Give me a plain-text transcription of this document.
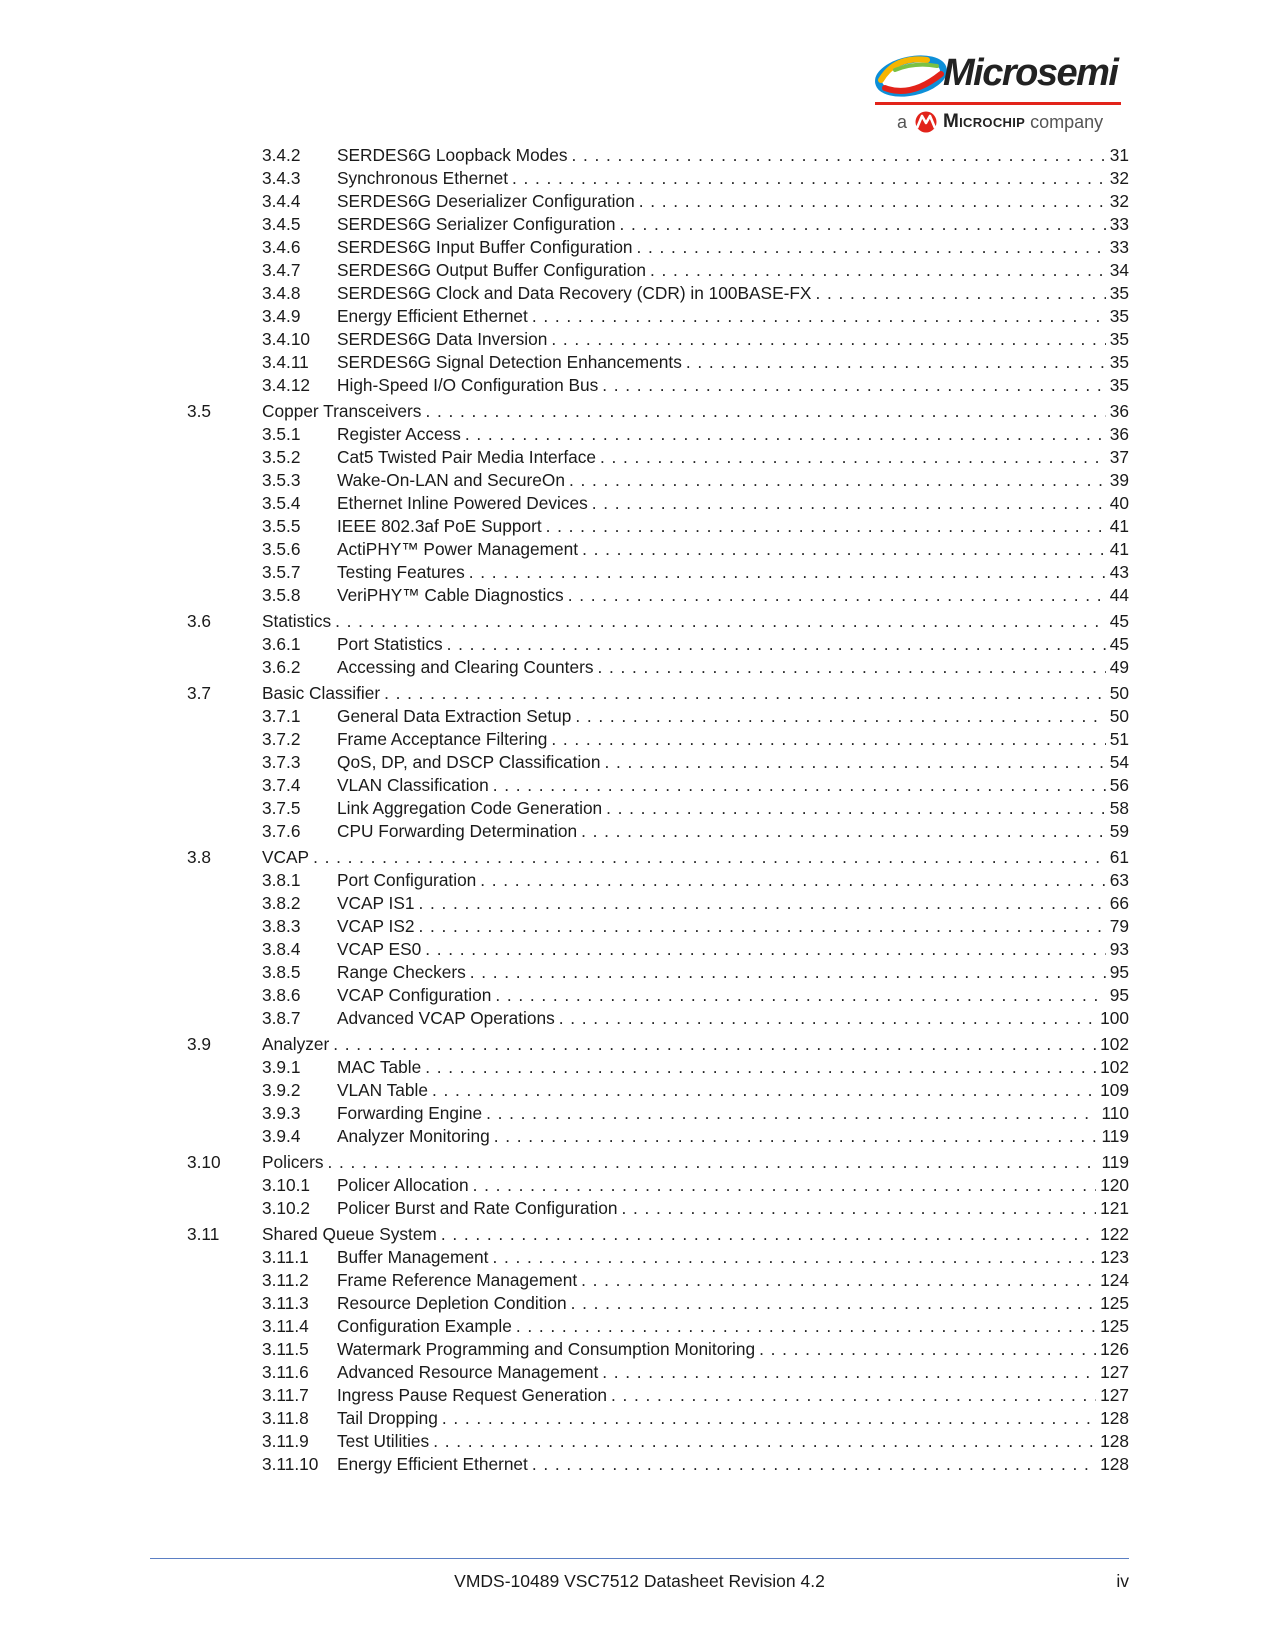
Microsemi
a Microchip company
3.4.2 SERDES6G Loopback Modes . . .	31
3.4.3 Synchronous Ethernet . . .	32
3.4.4 SERDES6G Deserializer Configuration . . .	32
3.4.5 SERDES6G Serializer Configuration . . .	33
3.4.6 SERDES6G Input Buffer Configuration . . .	33
3.4.7 SERDES6G Output Buffer Configuration . . .	34
3.4.8 SERDES6G Clock and Data Recovery (CDR) in 100BASE-FX . . .	35
3.4.9 Energy Efficient Ethernet . . .	35
3.4.10 SERDES6G Data Inversion . . .	35
3.4.11 SERDES6G Signal Detection Enhancements . . .	35
3.4.12 High-Speed I/O Configuration Bus . . .	35
3.5	Copper Transceivers . . .	36
3.5.1 Register Access . . .	36
3.5.2 Cat5 Twisted Pair Media Interface . . .	37
3.5.3 Wake-On-LAN and SecureOn . . .	39
3.5.4 Ethernet Inline Powered Devices . . .	40
3.5.5 IEEE 802.3af PoE Support . . .	41
3.5.6 ActiPHY™ Power Management . . .	41
3.5.7 Testing Features . . .	43
3.5.8 VeriPHY™ Cable Diagnostics . . .	44
3.6	Statistics . . .	45
3.6.1 Port Statistics . . .	45
3.6.2 Accessing and Clearing Counters . . .	49
3.7	Basic Classifier . . .	50
3.7.1 General Data Extraction Setup . . .	50
3.7.2 Frame Acceptance Filtering . . .	51
3.7.3 QoS, DP, and DSCP Classification . . .	54
3.7.4 VLAN Classification . . .	56
3.7.5 Link Aggregation Code Generation . . .	58
3.7.6 CPU Forwarding Determination . . .	59
3.8	VCAP . . .	61
3.8.1 Port Configuration . . .	63
3.8.2 VCAP IS1 . . .	66
3.8.3 VCAP IS2 . . .	79
3.8.4 VCAP ES0 . . .	93
3.8.5 Range Checkers . . .	95
3.8.6 VCAP Configuration . . .	95
3.8.7 Advanced VCAP Operations . . .	100
3.9	Analyzer . . .	102
3.9.1 MAC Table . . .	102
3.9.2 VLAN Table . . .	109
3.9.3 Forwarding Engine . . .	110
3.9.4 Analyzer Monitoring . . .	119
3.10 Policers . . .	119
3.10.1 Policer Allocation . . .	120
3.10.2 Policer Burst and Rate Configuration . . .	121
3.11 Shared Queue System . . .	122
3.11.1 Buffer Management . . .	123
3.11.2 Frame Reference Management . . .	124
3.11.3 Resource Depletion Condition . . .	125
3.11.4 Configuration Example . . .	125
3.11.5 Watermark Programming and Consumption Monitoring . . .	126
3.11.6 Advanced Resource Management . . .	127
3.11.7 Ingress Pause Request Generation . . .	127
3.11.8 Tail Dropping . . .	128
3.11.9 Test Utilities . . .	128
3.11.10 Energy Efficient Ethernet . . .	128
VMDS-10489 VSC7512 Datasheet Revision 4.2	iv
